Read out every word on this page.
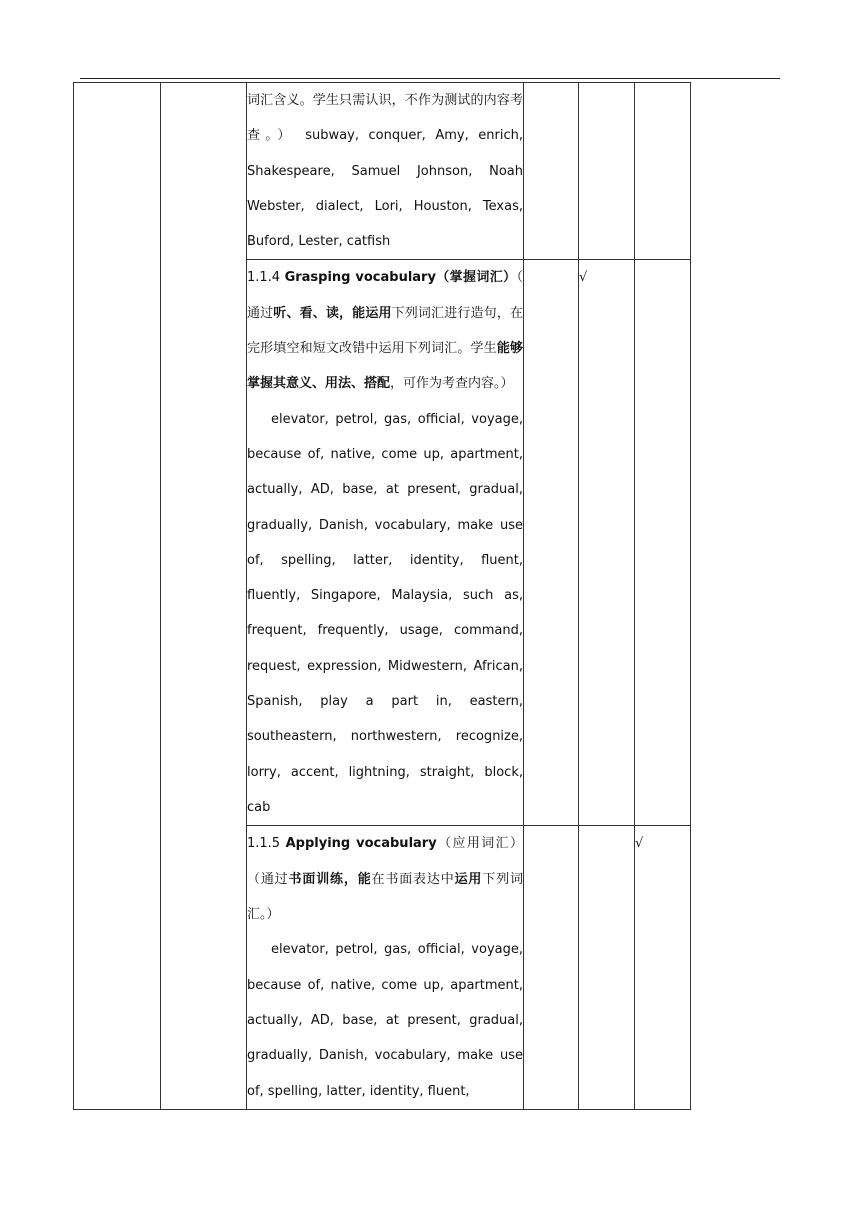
		词汇含义。学生只需认识，不作为测试的内容考查。） subway, conquer, Amy, enrich, Shakespeare, Samuel Johnson, Noah Webster, dialect, Lori, Houston, Texas, Buford, Lester, catfish			

		1.1.4 Grasping vocabulary（掌握词汇）（ 通过听、看、读，能运用下列词汇进行造句，在完形填空和短文改错中运用下列词汇。学生能够掌握其意义、用法、搭配，可作为考查内容。）
elevator, petrol, gas, official, voyage, because of, native, come up, apartment, actually, AD, base, at present, gradual, gradually, Danish, vocabulary, make use of, spelling, latter, identity, fluent, fluently, Singapore, Malaysia, such as, frequent, frequently, usage, command, request, expression, Midwestern, African, Spanish, play a part in, eastern, southeastern, northwestern, recognize, lorry, accent, lightning, straight, block, cab		√	

		1.1.5 Applying vocabulary（应用词汇）（通过书面训练，能在书面表达中运用下列词汇。）
elevator, petrol, gas, official, voyage, because of, native, come up, apartment, actually, AD, base, at present, gradual, gradually, Danish, vocabulary, make use of, spelling, latter, identity, fluent,			√
